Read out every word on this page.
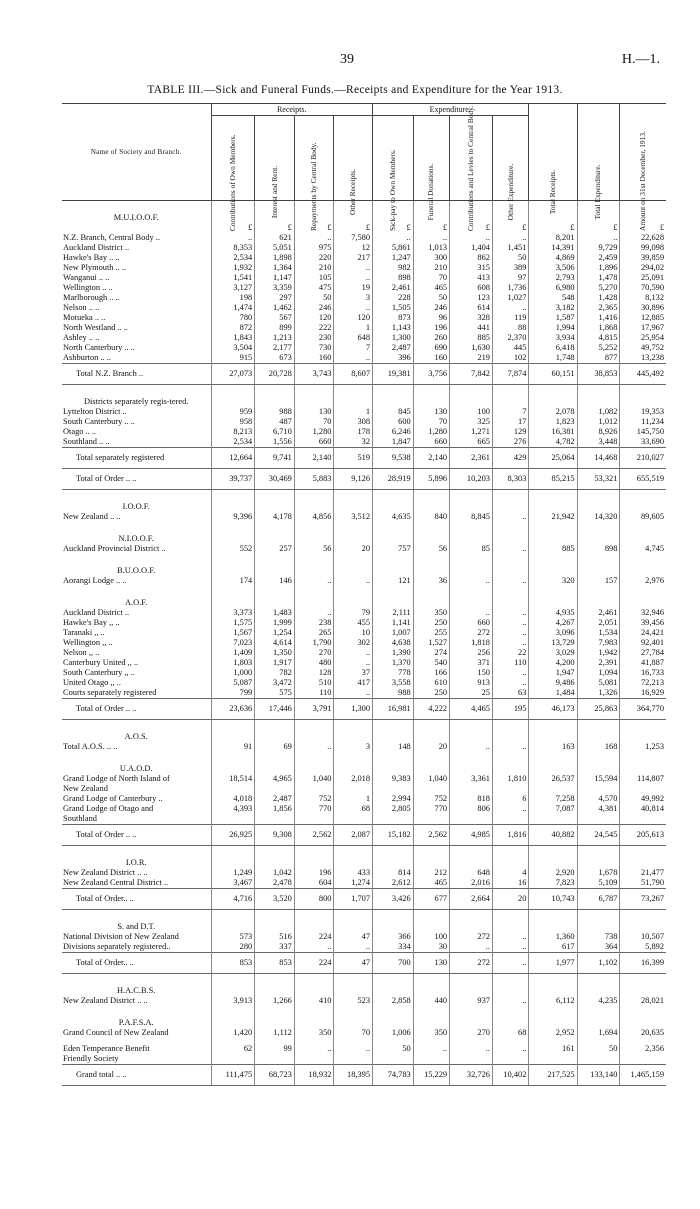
39	H.—1.
TABLE III.—Sick and Funeral Funds.—Receipts and Expenditure for the Year 1913.
Name of Society and Branch.	Receipts.				Expenditure.				Total Receipts.	Total Expenditure.	Amount on 31st December, 1913.

	Contributions of Own Members.	Interest and Rent.	Repayments by Central Body.	Other Receipts.	Sick-pay to Own Members.	Funeral Donations.	Contributions and Levies to Central Body.	Other Expenditure.			

M.U.I.O.O.F.											
	£	£	£	£	£	£	£	£	£	£	£
N.Z. Branch, Central Body ..	..	621	..	7,580	..	..	..	..	8,201	..	22,628
Auckland District ..	8,353	5,051	975	12	5,861	1,013	1,404	1,451	14,391	9,729	99,098
Hawke's Bay .. ..	2,534	1,898	220	217	1,247	300	862	50	4,869	2,459	39,859
New Plymouth .. ..	1,932	1,364	210	..	982	210	315	389	3,506	1,896	294,02
Wanganui .. ..	1,541	1,147	105	..	898	70	413	97	2,793	1,478	25,091
Wellington .. ..	3,127	3,359	475	19	2,461	465	608	1,736	6,980	5,270	70,590
Marlborough .. ..	198	297	50	3	228	50	123	1,027	548	1,428	8,132
Nelson .. ..	1,474	1,462	246	..	1,505	246	614	..	3,182	2,365	30,896
Motueka .. ..	780	567	120	120	873	96	328	119	1,587	1,416	12,885
North Westland .. ..	872	899	222	1	1,143	196	441	88	1,994	1,868	17,967
Ashley .. ..	1,843	1,213	230	648	1,300	260	885	2,370	3,934	4,815	25,954
North Canterbury .. ..	3,504	2,177	730	7	2,487	690	1,630	445	6,418	5,252	49,752
Ashburton .. ..	915	673	160	..	396	160	219	102	1,748	877	13,238
Total N.Z. Branch ..	27,073	20,728	3,743	8,607	19,381	3,756	7,842	7,874	60,151	38,853	445,492
Districts separately regis-tered.											
Lyttelton District ..	959	988	130	1	845	130	100	7	2,078	1,082	19,353
South Canterbury .. ..	958	487	70	308	600	70	325	17	1,823	1,012	11,234
Otago .. ..	8,213	6,710	1,280	178	6,246	1,280	1,271	129	16,381	8,926	145,750
Southland .. ..	2,534	1,556	660	32	1,847	660	665	276	4,782	3,448	33,690
Total separately registered	12,664	9,741	2,140	519	9,538	2,140	2,361	429	25,064	14,468	210,027
Total of Order .. ..	39,737	30,469	5,883	9,126	28,919	5,896	10,203	8,303	85,215	53,321	655,519
I.O.O.F.											
New Zealand .. ..	9,396	4,178	4,856	3,512	4,635	840	8,845	..	21,942	14,320	89,605
N.I.O.O.F.											
Auckland Provincial District ..	552	257	56	20	757	56	85	..	885	898	4,745
B.U.O.O.F.											
Aorangi Lodge .. ..	174	146	..	..	121	36	..	..	320	157	2,976
A.O.F.											
Auckland District ..	3,373	1,483	..	79	2,111	350	..	..	4,935	2,461	32,946
Hawke's Bay ,, ..	1,575	1,999	238	455	1,141	250	660	..	4,267	2,051	39,456
Taranaki ,, ..	1,567	1,254	265	10	1,007	255	272	..	3,096	1,534	24,421
Wellington ,, ..	7,023	4,614	1,790	302	4,638	1,527	1,818	..	13,729	7,983	92,401
Nelson ,, ..	1,409	1,350	270	..	1,390	274	256	22	3,029	1,942	27,784
Canterbury United ,, ..	1,803	1,917	480	..	1,370	540	371	110	4,200	2,391	41,887
South Canterbury ,, ..	1,000	782	128	37	778	166	150	..	1,947	1,094	16,733
United Otago ,, ..	5,087	3,472	510	417	3,558	610	913	..	9,486	5,081	72,213
Courts separately registered	799	575	110	..	988	250	25	63	1,484	1,326	16,929
Total of Order .. ..	23,636	17,446	3,791	1,300	16,981	4,222	4,465	195	46,173	25,863	364,770
A.O.S.											
Total A.O.S. .. ..	91	69	..	3	148	20	..	..	163	168	1,253
U.A.O.D.											
Grand Lodge of North Island of	18,514	4,965	1,040	2,018	9,383	1,040	3,361	1,810	26,537	15,594	114,807
New Zealand											
Grand Lodge of Canterbury ..	4,018	2,487	752	1	2,994	752	818	6	7,258	4,570	49,992
Grand Lodge of Otago and	4,393	1,856	770	68	2,805	770	806	..	7,087	4,381	40,814
Southland											
Total of Order .. ..	26,925	9,308	2,562	2,087	15,182	2,562	4,985	1,816	40,882	24,545	205,613
I.O.R.											
New Zealand District .. ..	1,249	1,042	196	433	814	212	648	4	2,920	1,678	21,477
New Zealand Central District ..	3,467	2,478	604	1,274	2,612	465	2,016	16	7,823	5,109	51,790
Total of Order.. ..	4,716	3,520	800	1,707	3,426	677	2,664	20	10,743	6,787	73,267
S. and D.T.											
National Division of New Zealand	573	516	224	47	366	100	272	..	1,360	738	10,507
Divisions separately registered..	280	337	..	..	334	30	..	..	617	364	5,892
Total of Order.. ..	853	853	224	47	700	130	272	..	1,977	1,102	16,399
H.A.C.B.S.											
New Zealand District .. ..	3,913	1,266	410	523	2,858	440	937	..	6,112	4,235	28,021
P.A.F.S.A.											
Grand Council of New Zealand	1,420	1,112	350	70	1,006	350	270	68	2,952	1,694	20,635

Eden Temperance Benefit	62	99	..	..	50	..	..	..	161	50	2,356
Friendly Society											
Grand total .. ..	111,475	68,723	18,932	18,395	74,783	15,229	32,726	10,402	217,525	133,140	1,465,159
